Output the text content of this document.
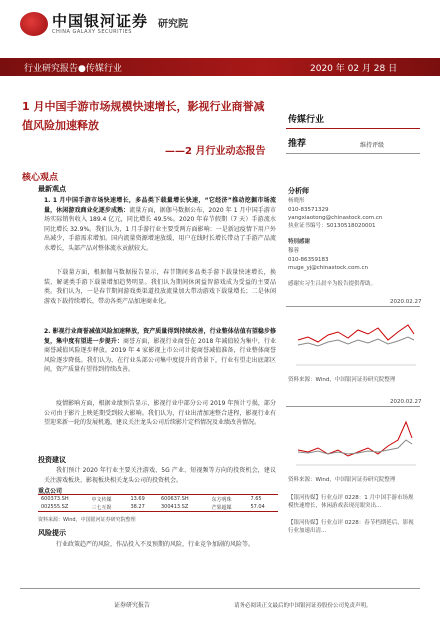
中国银河证券
CHINA GALAXY SECURITIES
研究院
行业研究报告●传媒行业	2020 年 02 月 28 日
1 月中国手游市场规模快速增长，影视行业商誉减值风险加速释放
——2 月行业动态报告
传媒行业
推荐	维持评级
分析师
杨晓彤
010-83571329
yangxiaotong@chinastock.com.cn
执业证书编号：S0130518020001
特别感谢
穆蓉
010-86359183
muge_yj@chinastock.com.cn
感谢实习生吕晨辛为报告提供帮助。
2020.02.27
资料来源：Wind，中国银河证券研究院整理
2020.02.27
资料来源：Wind，中国银河证券研究院整理
【银河传媒】行业点评 0228：1 月中国手游市场规模快速增长，休闲游戏表现亮眼突出…
【银河传媒】行业点评 0228：春节档期延后，影视行业加速出清…
核心观点
最新观点
1. 1 月中国手游市场快速增长，多品类下载量增长快速，“它经济”推动挖掘市场流量，休闲游戏商业化逐步成熟：流量方面，据伽马数据公布，2020 年 1 月中国手游市场实际销售收入 189.4 亿元，同比增长 49.5%。2020 年春节假期（7 天）手游流水同比增长 32.9%。我们认为，1 月手游行业主要受两方面影响：一是新冠疫情下用户外出减少，手游需求增加。国内流量资源增速放缓，用户在线时长增长带动了手游产品流水增长，头部产品对整体流水贡献较大。
下载量方面，根据伽马数据报告显示，春节期间多品类手游下载量快速增长，换装、解谜类手游下载量增加趋势明显。我们认为期间休闲益智游戏成为受益的主要品类。我们认为，一是春节期间游戏类渠道投放流量加大带动游戏下载量增长；二是休闲游戏下载持续增长，带动各类产品加速商业化。
2. 影视行业商誉减值风险加速释放，资产质量得到持续改善，行业整体估值有望稳步修复，集中度有望进一步提升：商誉方面，影视行业商誉在 2018 年减值较为集中，行业商誉减值风险逐步释放。2019 年 4 家影视上市公司计提商誉减值准备，行业整体商誉风险逐步降低。我们认为，在行业头部公司集中度提升的背景下，行业有望走出底部区间，资产质量有望得到持续改善。
疫情影响方面，根据业绩预告显示，影视行业中部分公司 2019 年预计亏损，部分公司由于影片上映延期受到较大影响。我们认为，行业出清加速整合进程，影视行业有望迎来新一轮的发展机遇，建议关注龙头公司后续影片定档情况及业绩改善情况。
投资建议
我们预计 2020 年行业主要关注游戏、5G 产业、短视频等方向的投资机会，建议关注游戏板块、影视板块相关龙头公司的投资机会。
重点公司
600373.SH	中文传媒	13.69	600637.SH	东方明珠	7.65
002555.SZ	三七互娱	38.27	300413.SZ	芒果超媒	57.04
资料来源：Wind，中国银河证券研究院整理
风险提示
行业政策趋严的风险，作品投入不及预期的风险，行业竞争加剧的风险等。
证券研究报告	请务必阅读正文最后的中国银河证券股份公司免责声明。
